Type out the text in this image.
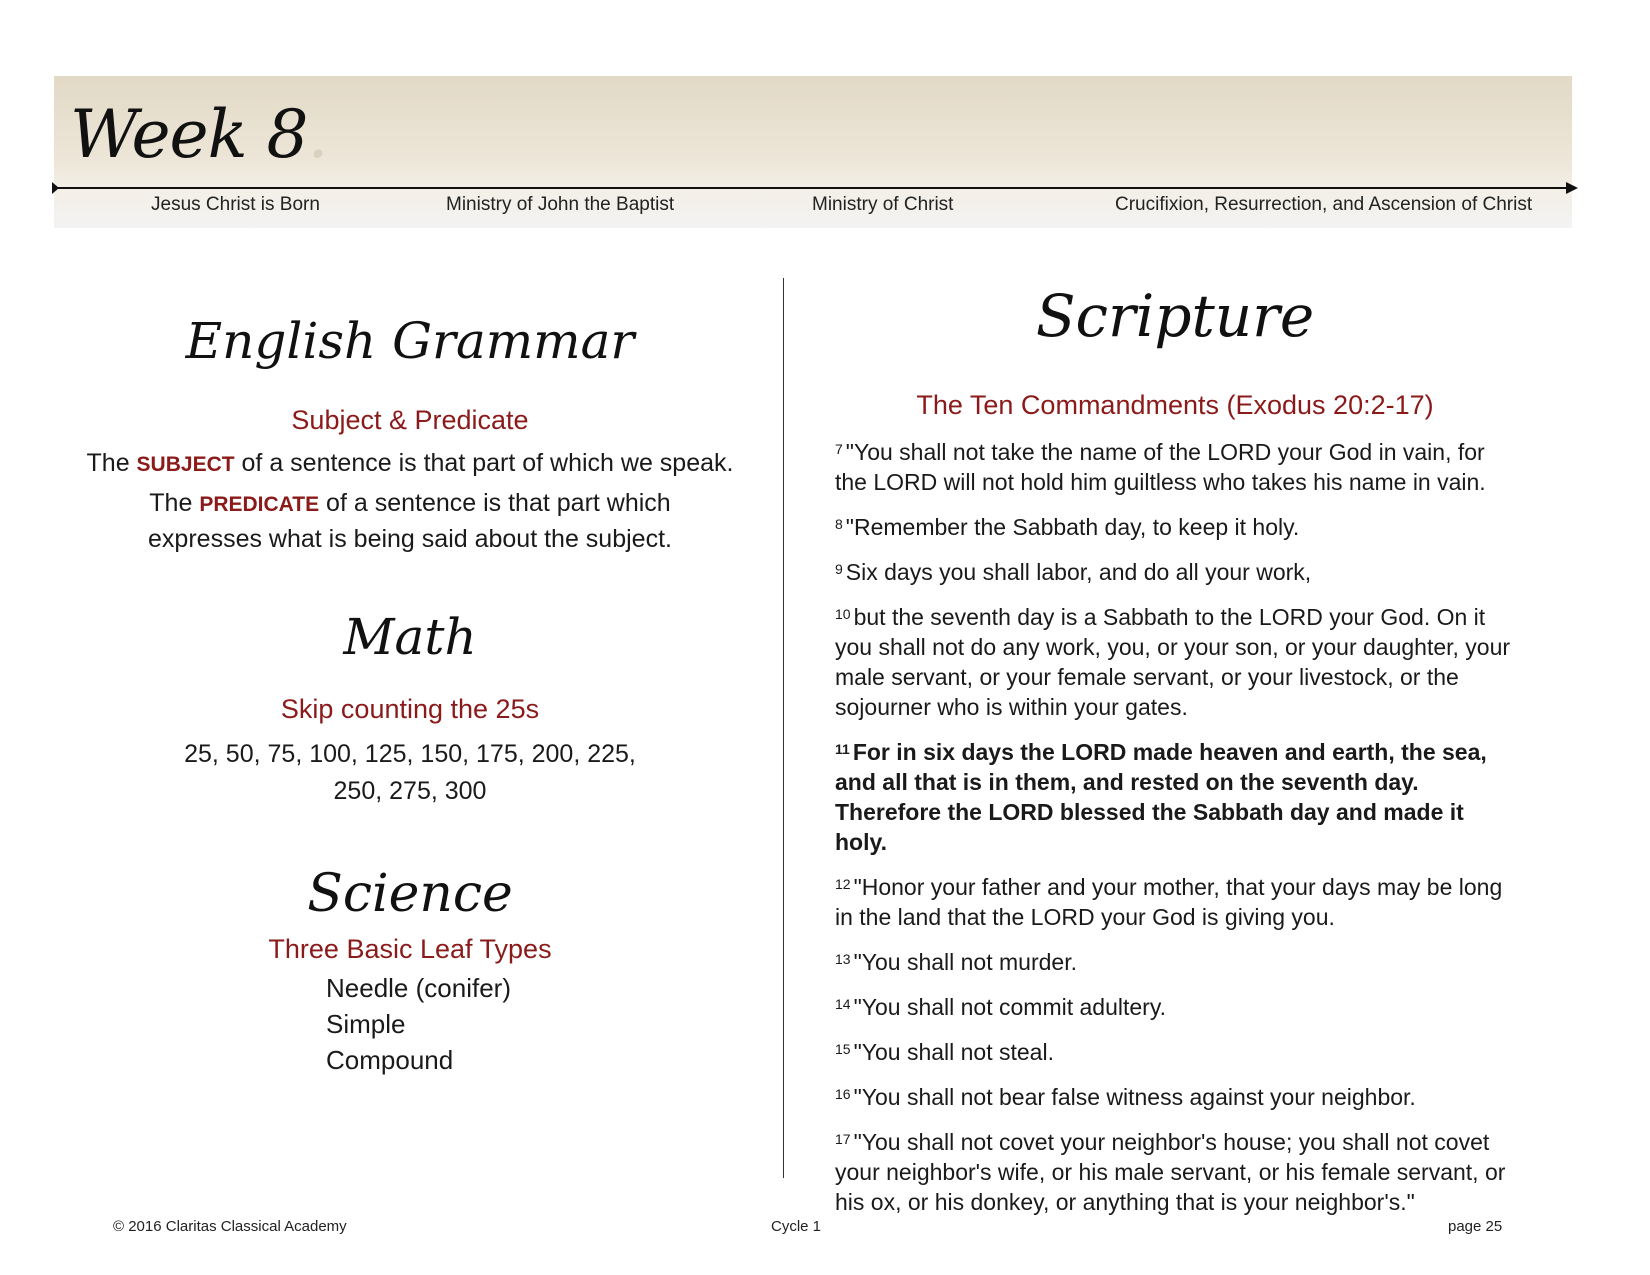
Week 8.
Jesus Christ is Born	Ministry of John the Baptist	Ministry of Christ	Crucifixion, Resurrection, and Ascension of Christ
English Grammar
Subject & Predicate
The SUBJECT of a sentence is that part of which we speak.
The PREDICATE of a sentence is that part which expresses what is being said about the subject.
Math
Skip counting the 25s
25, 50, 75, 100, 125, 150, 175, 200, 225,
250, 275, 300
Science
Three Basic Leaf Types
Needle (conifer)
Simple
Compound
Scripture
The Ten Commandments (Exodus 20:2-17)

$^7$ "You shall not take the name of the LORD your God in vain, for the LORD will not hold him guiltless who takes his name in vain.

$^8$ "Remember the Sabbath day, to keep it holy.

$^9$ Six days you shall labor, and do all your work,

$^{10}$ but the seventh day is a Sabbath to the LORD your God. On it you shall not do any work, you, or your son, or your daughter, your male servant, or your female servant, or your livestock, or the sojourner who is within your gates.

$^{11}$ For in six days the LORD made heaven and earth, the sea, and all that is in them, and rested on the seventh day. Therefore the LORD blessed the Sabbath day and made it holy.

$^{12}$ "Honor your father and your mother, that your days may be long in the land that the LORD your God is giving you.

$^{13}$ "You shall not murder.

$^{14}$ "You shall not commit adultery.

$^{15}$ "You shall not steal.

$^{16}$ "You shall not bear false witness against your neighbor.

$^{17}$ "You shall not covet your neighbor's house; you shall not covet your neighbor's wife, or his male servant, or his female servant, or his ox, or his donkey, or anything that is your neighbor's."

© 2016 Claritas Classical Academy	Cycle 1	page 25
